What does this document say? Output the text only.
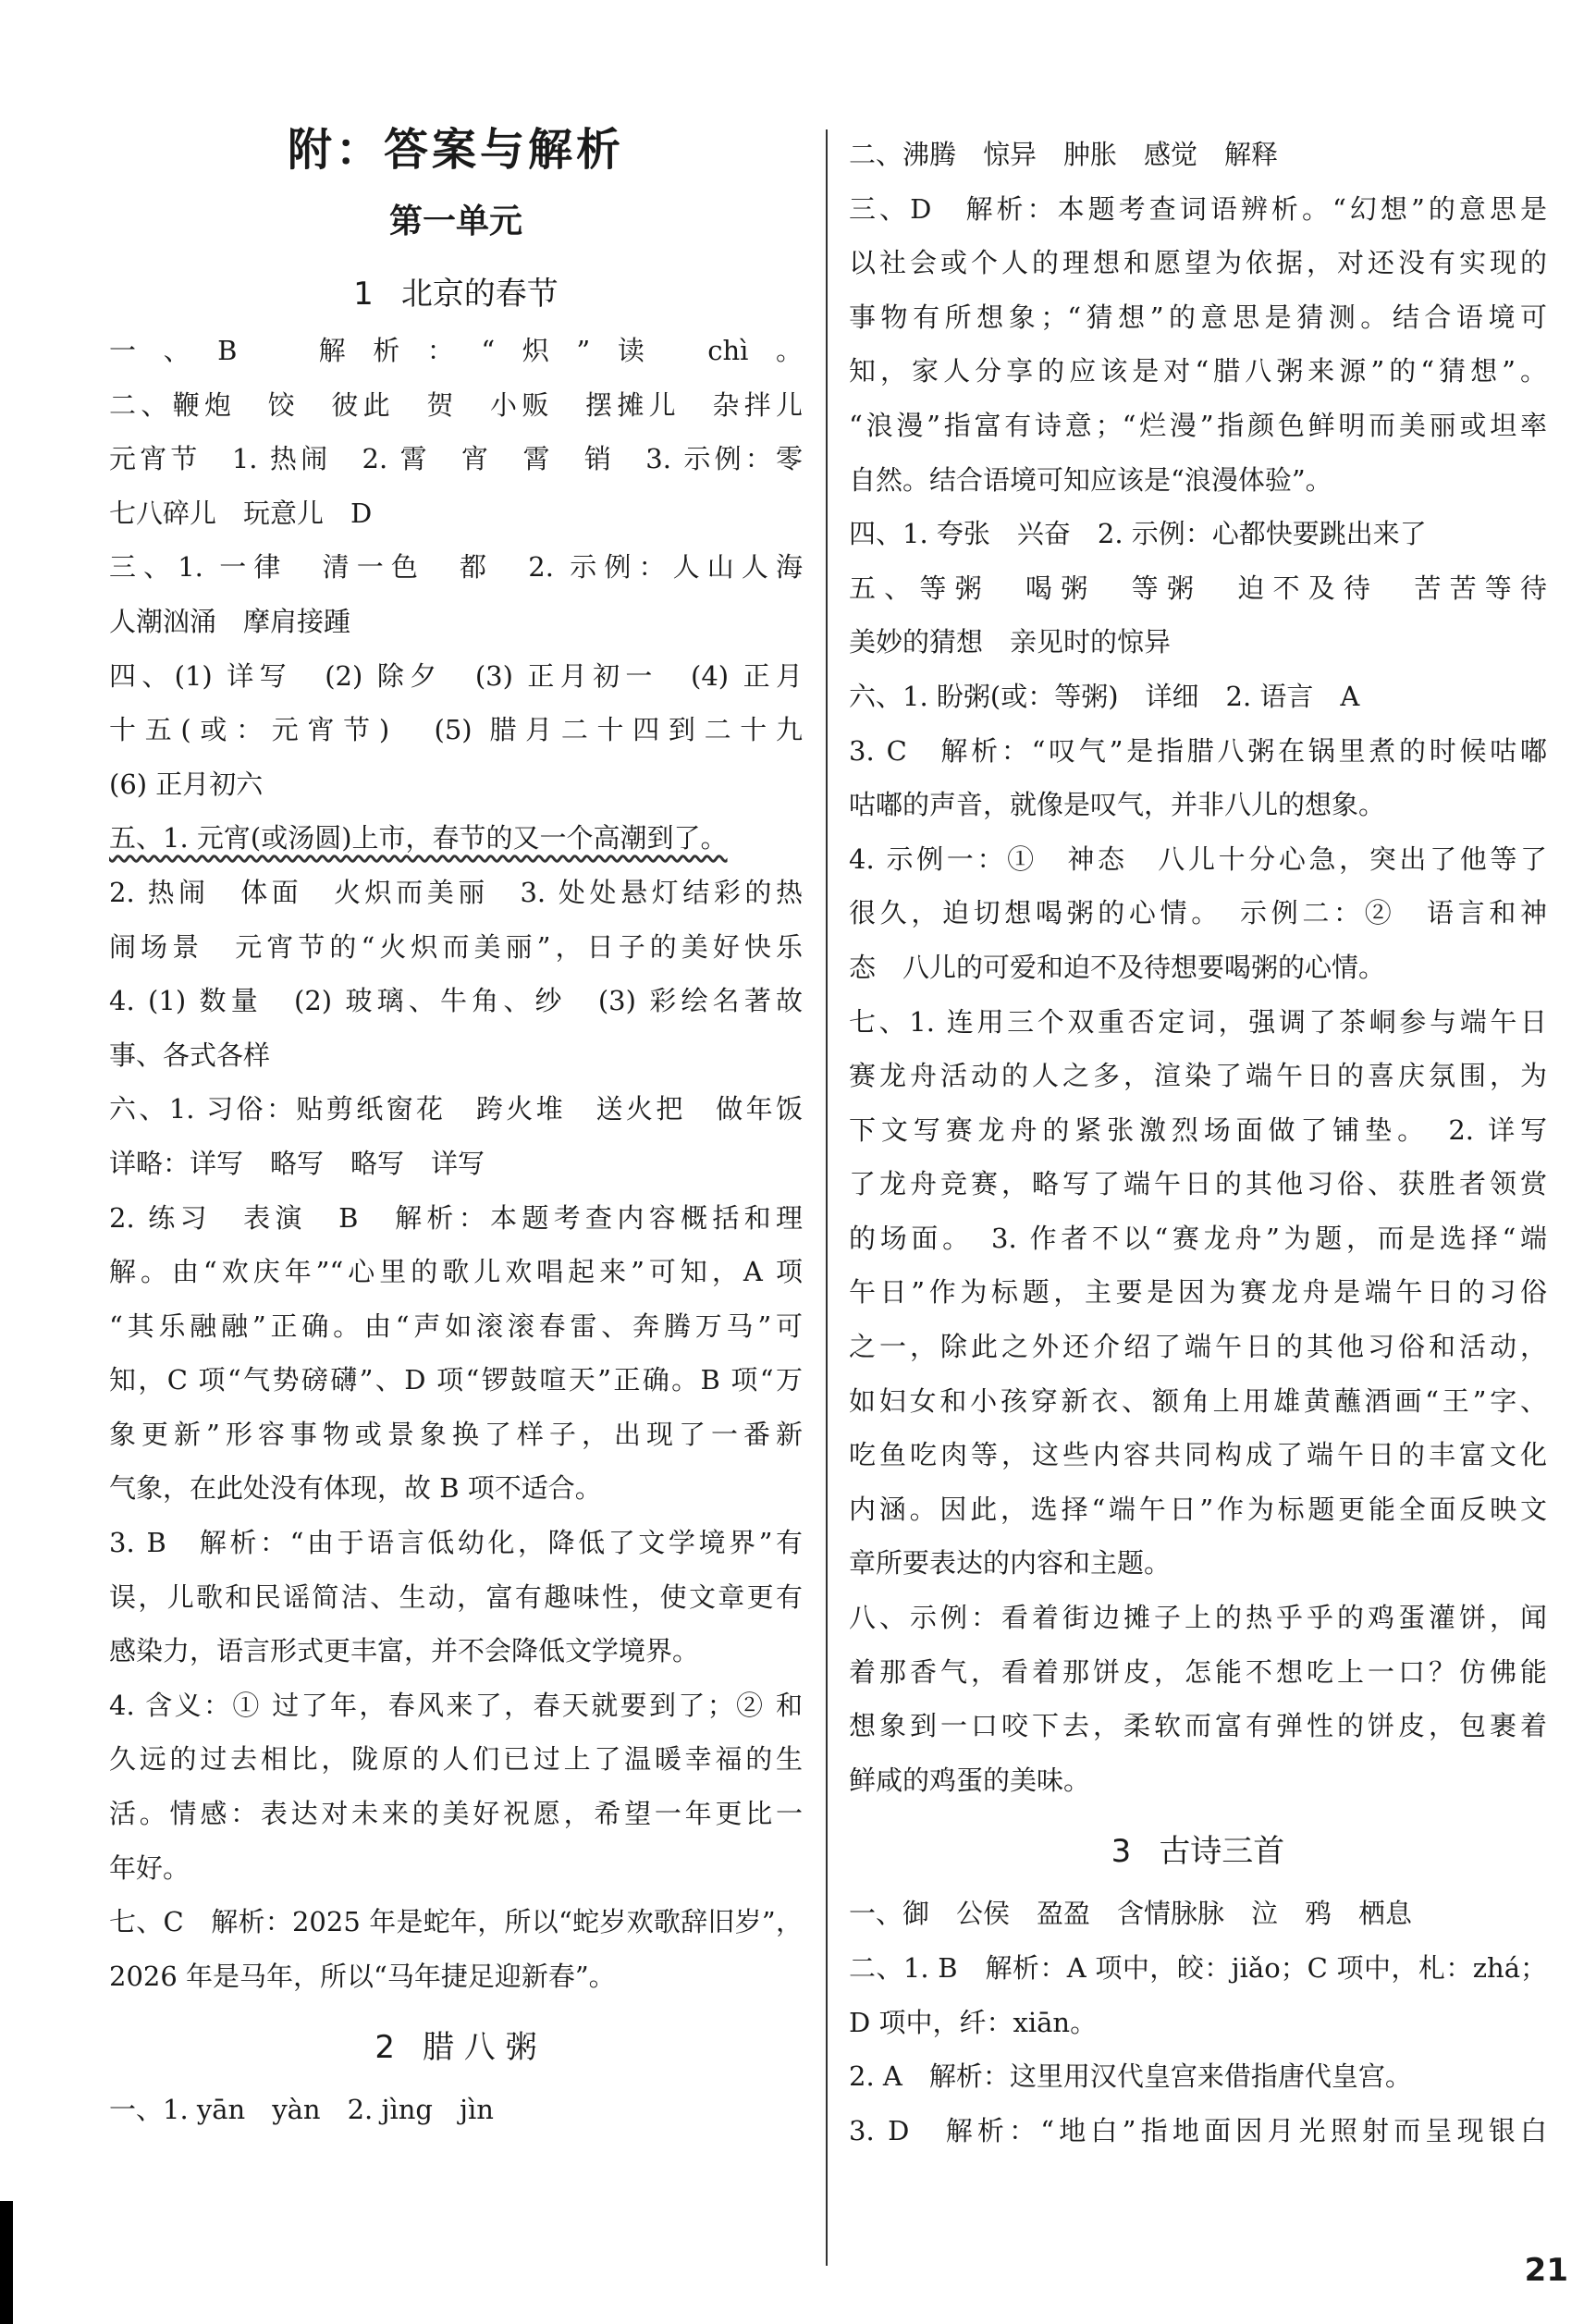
附：答案与解析
第一单元
1 北京的春节
一、B　解析：“炽”读 chì。
二、鞭炮　饺　彼此　贺　小贩　摆摊儿　杂拌儿
元宵节　1. 热闹　2. 霄　宵　霄　销　3. 示例：零
七八碎儿　玩意儿　D
三、1. 一律　清一色　都　2. 示例：人山人海
人潮汹涌　摩肩接踵
四、(1) 详写　(2) 除夕　(3) 正月初一　(4) 正月
十五(或：元宵节)　(5) 腊月二十四到二十九
(6) 正月初六
五、1. 元宵(或汤圆)上市，春节的又一个高潮到了。
2. 热闹　体面　火炽而美丽　3. 处处悬灯结彩的热
闹场景　元宵节的“火炽而美丽”，日子的美好快乐
4. (1) 数量　(2) 玻璃、牛角、纱　(3) 彩绘名著故
事、各式各样
六、1. 习俗：贴剪纸窗花　跨火堆　送火把　做年饭
详略：详写　略写　略写　详写
2. 练习　表演　B　解析：本题考查内容概括和理
解。由“欢庆年”“心里的歌儿欢唱起来”可知，A 项
“其乐融融”正确。由“声如滚滚春雷、奔腾万马”可
知，C 项“气势磅礴”、D 项“锣鼓喧天”正确。B 项“万
象更新”形容事物或景象换了样子，出现了一番新
气象，在此处没有体现，故 B 项不适合。
3. B　解析：“由于语言低幼化，降低了文学境界”有
误，儿歌和民谣简洁、生动，富有趣味性，使文章更有
感染力，语言形式更丰富，并不会降低文学境界。
4. 含义：① 过了年，春风来了，春天就要到了；② 和
久远的过去相比，陇原的人们已过上了温暖幸福的生
活。情感：表达对未来的美好祝愿，希望一年更比一
年好。
七、C　解析：2025 年是蛇年，所以“蛇岁欢歌辞旧岁”，
2026 年是马年，所以“马年捷足迎新春”。
2 腊 八 粥
一、1. yān　yàn　2. jìng　jìn
二、沸腾　惊异　肿胀　感觉　解释
三、D　解析：本题考查词语辨析。“幻想”的意思是
以社会或个人的理想和愿望为依据，对还没有实现的
事物有所想象；“猜想”的意思是猜测。结合语境可
知，家人分享的应该是对“腊八粥来源”的“猜想”。
“浪漫”指富有诗意；“烂漫”指颜色鲜明而美丽或坦率
自然。结合语境可知应该是“浪漫体验”。
四、1. 夸张　兴奋　2. 示例：心都快要跳出来了
五、等粥　喝粥　等粥　迫不及待　苦苦等待
美妙的猜想　亲见时的惊异
六、1. 盼粥(或：等粥)　详细　2. 语言　A
3. C　解析：“叹气”是指腊八粥在锅里煮的时候咕嘟
咕嘟的声音，就像是叹气，并非八儿的想象。
4. 示例一：①　神态　八儿十分心急，突出了他等了
很久，迫切想喝粥的心情。　示例二：②　语言和神
态　八儿的可爱和迫不及待想要喝粥的心情。
七、1. 连用三个双重否定词，强调了茶峒参与端午日
赛龙舟活动的人之多，渲染了端午日的喜庆氛围，为
下文写赛龙舟的紧张激烈场面做了铺垫。　2. 详写
了龙舟竞赛，略写了端午日的其他习俗、获胜者领赏
的场面。　3. 作者不以“赛龙舟”为题，而是选择“端
午日”作为标题，主要是因为赛龙舟是端午日的习俗
之一，除此之外还介绍了端午日的其他习俗和活动，
如妇女和小孩穿新衣、额角上用雄黄蘸酒画“王”字、
吃鱼吃肉等，这些内容共同构成了端午日的丰富文化
内涵。因此，选择“端午日”作为标题更能全面反映文
章所要表达的内容和主题。
八、示例：看着街边摊子上的热乎乎的鸡蛋灌饼，闻
着那香气，看着那饼皮，怎能不想吃上一口？仿佛能
想象到一口咬下去，柔软而富有弹性的饼皮，包裹着
鲜咸的鸡蛋的美味。
3 古诗三首
一、御　公侯　盈盈　含情脉脉　泣　鸦　栖息
二、1. B　解析：A 项中，皎：jiǎo；C 项中，札：zhá；
D 项中，纤：xiān。
2. A　解析：这里用汉代皇宫来借指唐代皇宫。
3. D　解析：“地白”指地面因月光照射而呈现银白
21
